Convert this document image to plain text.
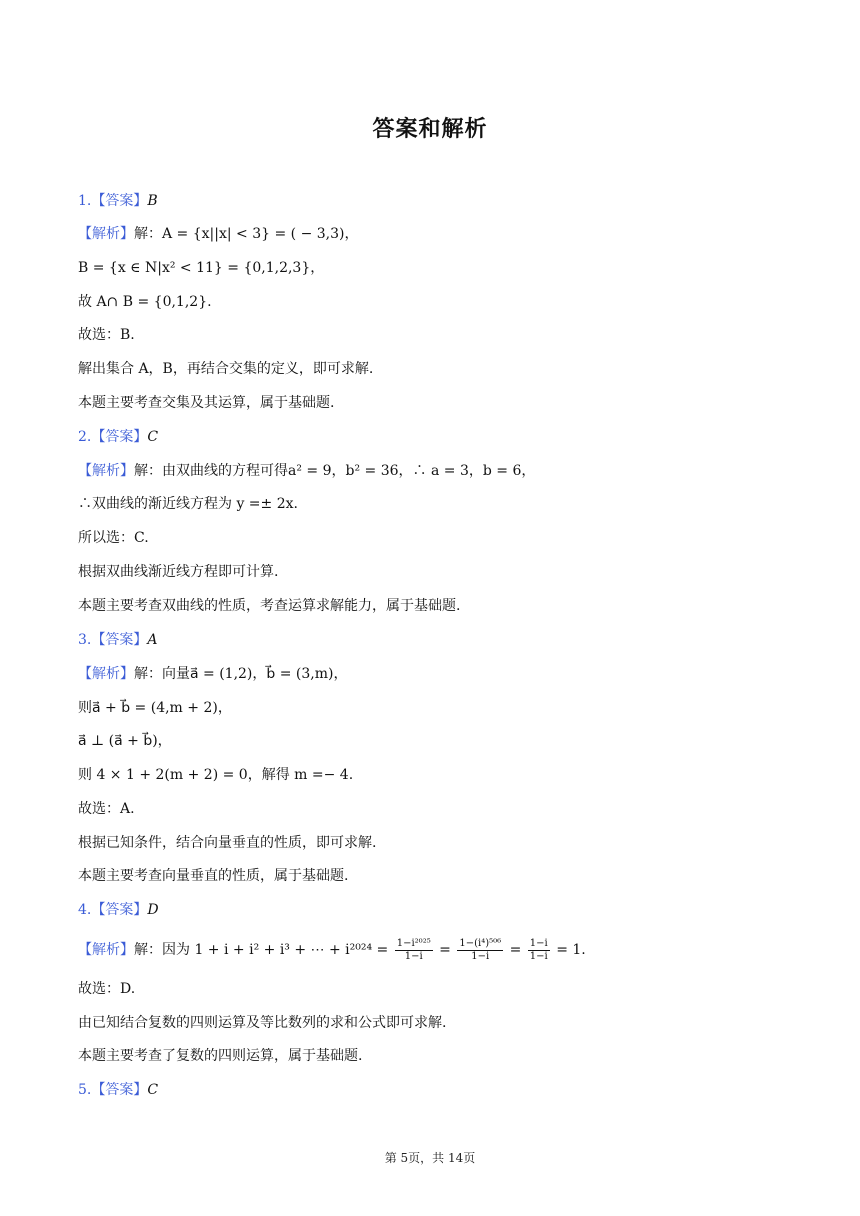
答案和解析
1.【答案】B
【解析】解：A = {x||x| < 3} = ( − 3,3)，
B = {x ∈ N|x² < 11} = {0,1,2,3}，
故 A∩ B = {0,1,2}.
故选：B.
解出集合 A，B，再结合交集的定义，即可求解.
本题主要考查交集及其运算，属于基础题.
2.【答案】C
【解析】解：由双曲线的方程可得a² = 9，b² = 36，∴ a = 3，b = 6，
∴双曲线的渐近线方程为 y =± 2x.
所以选：C.
根据双曲线渐近线方程即可计算.
本题主要考查双曲线的性质，考查运算求解能力，属于基础题.
3.【答案】A
【解析】解：向量a⃗ = (1,2)，b⃗ = (3,m)，
则a⃗ + b⃗ = (4,m + 2)，
a⃗ ⊥ (a⃗ + b⃗)，
则 4 × 1 + 2(m + 2) = 0，解得 m =− 4.
故选：A.
根据已知条件，结合向量垂直的性质，即可求解.
本题主要考查向量垂直的性质，属于基础题.
4.【答案】D
【解析】解：因为 1 + i + i² + i³ + ⋯ + $i^{2024} = \frac{\text{1−i²⁰²⁵}}{1-i} = \frac{\text{1−(i⁴)⁵⁰⁶}}{1-i} = \frac{1-i}{1-i} = 1$.
故选：D.
由已知结合复数的四则运算及等比数列的求和公式即可求解.
本题主要考查了复数的四则运算，属于基础题.
5.【答案】C
第 5页，共 14页
